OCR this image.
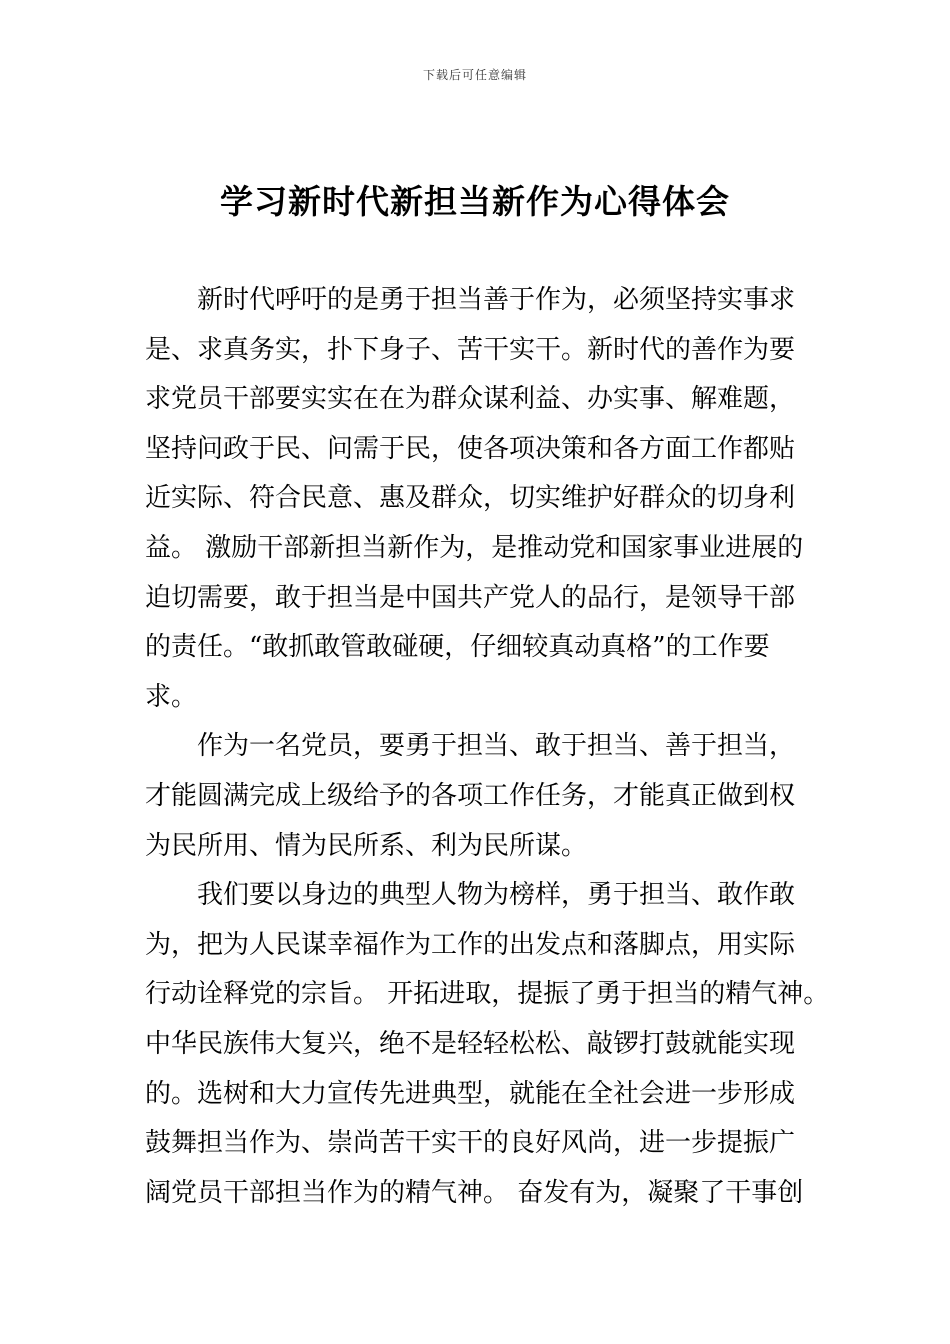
下载后可任意编辑
学习新时代新担当新作为心得体会
新时代呼吁的是勇于担当善于作为，必须坚持实事求
是、求真务实，扑下身子、苦干实干。新时代的善作为要
求党员干部要实实在在为群众谋利益、办实事、解难题，
坚持问政于民、问需于民，使各项决策和各方面工作都贴
近实际、符合民意、惠及群众，切实维护好群众的切身利
益。 激励干部新担当新作为，是推动党和国家事业进展的
迫切需要，敢于担当是中国共产党人的品行，是领导干部
的责任。“敢抓敢管敢碰硬，仔细较真动真格”的工作要
求。
作为一名党员，要勇于担当、敢于担当、善于担当，
才能圆满完成上级给予的各项工作任务，才能真正做到权
为民所用、情为民所系、利为民所谋。
我们要以身边的典型人物为榜样，勇于担当、敢作敢
为，把为人民谋幸福作为工作的出发点和落脚点，用实际
行动诠释党的宗旨。 开拓进取，提振了勇于担当的精气神。
中华民族伟大复兴，绝不是轻轻松松、敲锣打鼓就能实现
的。选树和大力宣传先进典型，就能在全社会进一步形成
鼓舞担当作为、崇尚苦干实干的良好风尚，进一步提振广
阔党员干部担当作为的精气神。 奋发有为，凝聚了干事创
